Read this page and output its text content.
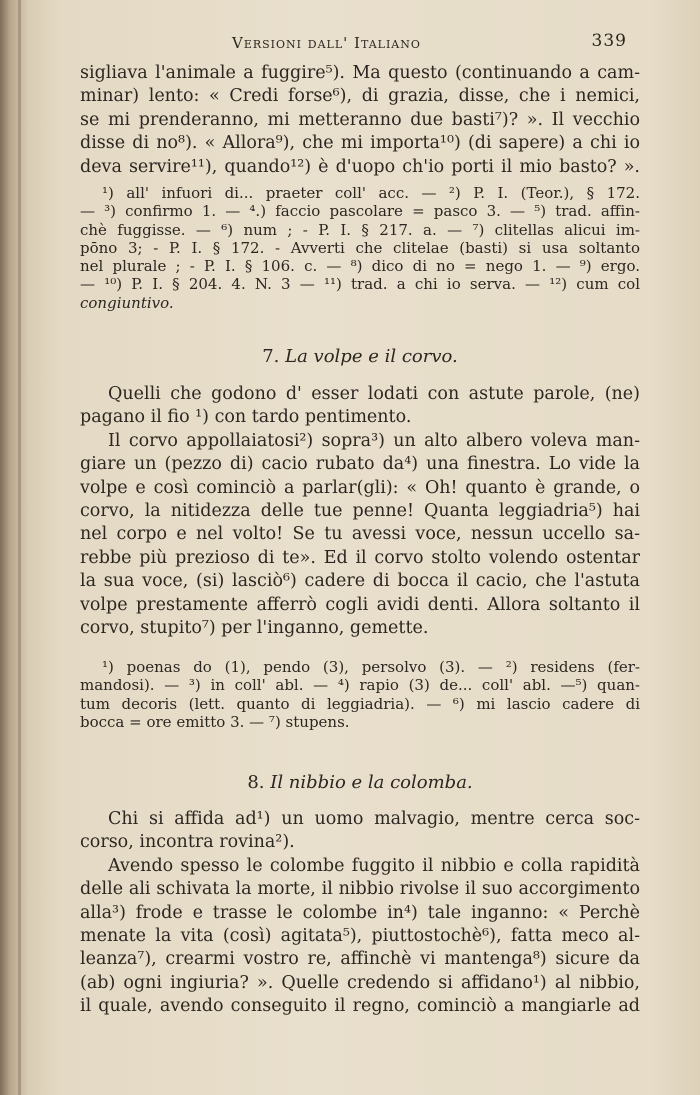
Versioni dall' Italiano	339
sigliava l'animale a fuggire⁵). Ma questo (continuando a cam-
minar) lento: « Credi forse⁶), di grazia, disse, che i nemici,
se mi prenderanno, mi metteranno due basti⁷)? ». Il vecchio
disse di no⁸). « Allora⁹), che mi importa¹⁰) (di sapere) a chi io
deva servire¹¹), quando¹²) è d'uopo ch'io porti il mio basto? ».
¹) all' infuori di... praeter coll' acc. — ²) P. I. (Teor.), § 172.
— ³) confirmo 1. — ⁴.) faccio pascolare = pasco 3. — ⁵) trad. affin-
chè fuggisse. — ⁶) num ; - P. I. § 217. a. — ⁷) clitellas alicui im-
pōno 3; - P. I. § 172. - Avverti che clitelae (basti) si usa soltanto
nel plurale ; - P. I. § 106. c. — ⁸) dico di no = nego 1. — ⁹) ergo.
— ¹⁰) P. I. § 204. 4. N. 3 — ¹¹) trad. a chi io serva. — ¹²) cum col
congiuntivo.
7. La volpe e il corvo.
Quelli che godono d' esser lodati con astute parole, (ne)
pagano il fio ¹) con tardo pentimento.
Il corvo appollaiatosi²) sopra³) un alto albero voleva man-
giare un (pezzo di) cacio rubato da⁴) una finestra. Lo vide la
volpe e così cominciò a parlar(gli): « Oh! quanto è grande, o
corvo, la nitidezza delle tue penne! Quanta leggiadria⁵) hai
nel corpo e nel volto! Se tu avessi voce, nessun uccello sa-
rebbe più prezioso di te». Ed il corvo stolto volendo ostentar
la sua voce, (si) lasciò⁶) cadere di bocca il cacio, che l'astuta
volpe prestamente afferrò cogli avidi denti. Allora soltanto il
corvo, stupito⁷) per l'inganno, gemette.
¹) poenas do (1), pendo (3), persolvo (3). — ²) residens (fer-
mandosi). — ³) in coll' abl. — ⁴) rapio (3) de... coll' abl. —⁵) quan-
tum decoris (lett. quanto di leggiadria). — ⁶) mi lascio cadere di
bocca = ore emitto 3. — ⁷) stupens.
8. Il nibbio e la colomba.
Chi si affida ad¹) un uomo malvagio, mentre cerca soc-
corso, incontra rovina²).
Avendo spesso le colombe fuggito il nibbio e colla rapidità
delle ali schivata la morte, il nibbio rivolse il suo accorgimento
alla³) frode e trasse le colombe in⁴) tale inganno: « Perchè
menate la vita (così) agitata⁵), piuttostochè⁶), fatta meco al-
leanza⁷), crearmi vostro re, affinchè vi mantenga⁸) sicure da
(ab) ogni ingiuria? ». Quelle credendo si affidano¹) al nibbio,
il quale, avendo conseguito il regno, cominciò a mangiarle ad
